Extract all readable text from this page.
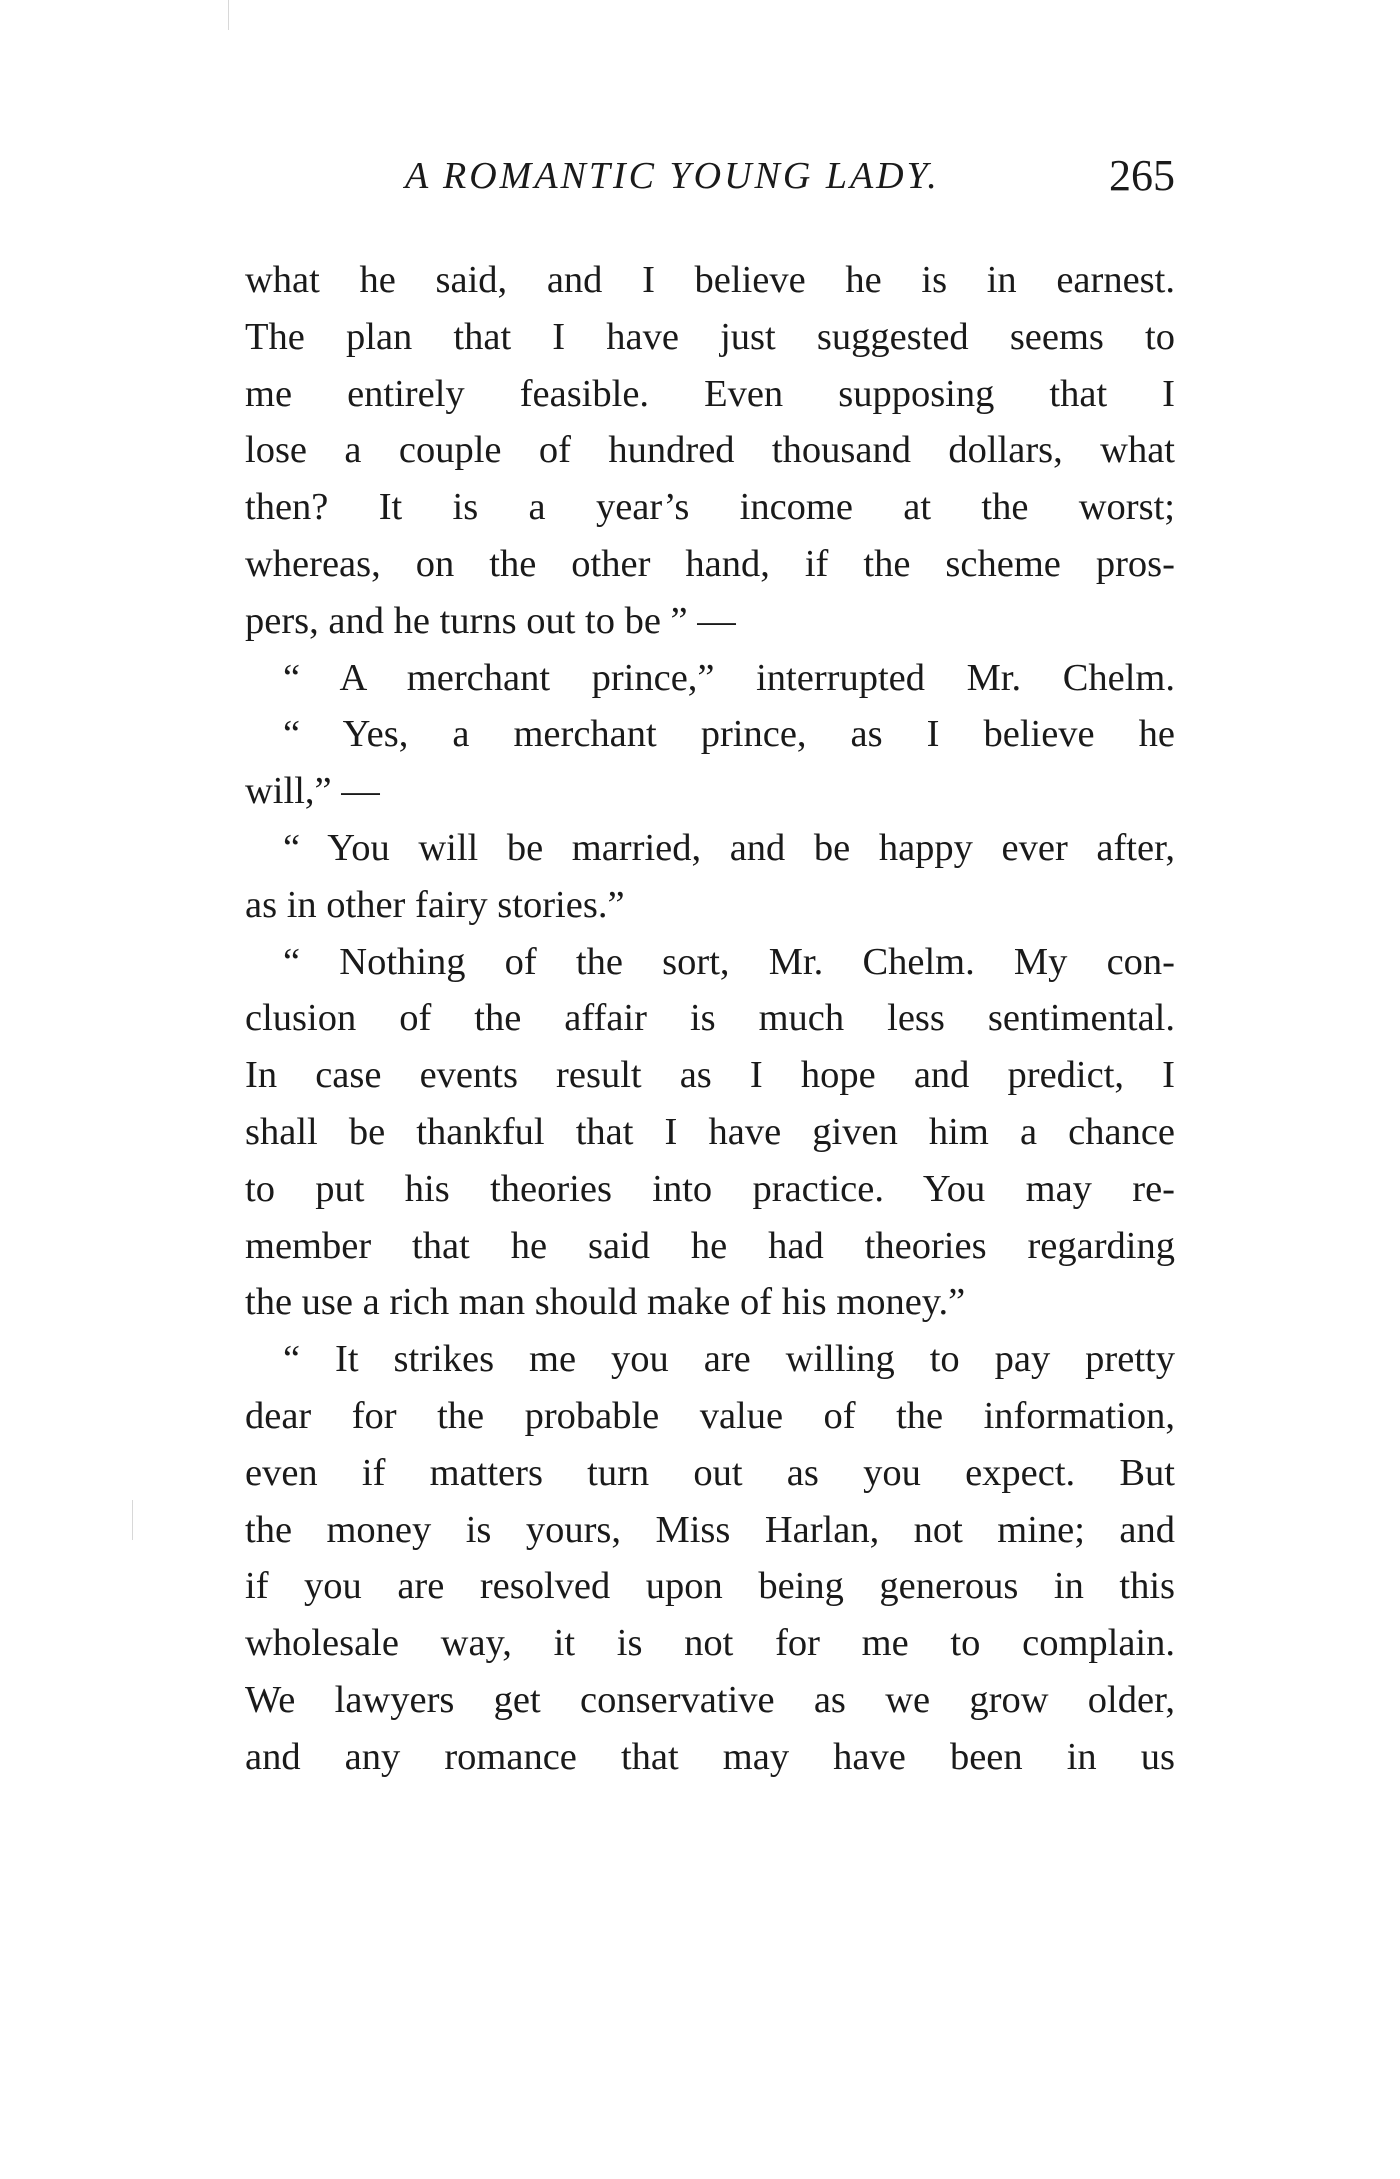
A ROMANTIC YOUNG LADY.	265
what he said, and I believe he is in earnest.
The plan that I have just suggested seems to
me entirely feasible. Even supposing that I
lose a couple of hundred thousand dollars, what
then? It is a year’s income at the worst;
whereas, on the other hand, if the scheme pros-
pers, and he turns out to be ” —
“ A merchant prince,” interrupted Mr. Chelm.
“ Yes, a merchant prince, as I believe he
will,” —
“ You will be married, and be happy ever after,
as in other fairy stories.”
“ Nothing of the sort, Mr. Chelm. My con-
clusion of the affair is much less sentimental.
In case events result as I hope and predict, I
shall be thankful that I have given him a chance
to put his theories into practice. You may re-
member that he said he had theories regarding
the use a rich man should make of his money.”
“ It strikes me you are willing to pay pretty
dear for the probable value of the information,
even if matters turn out as you expect. But
the money is yours, Miss Harlan, not mine; and
if you are resolved upon being generous in this
wholesale way, it is not for me to complain.
We lawyers get conservative as we grow older,
and any romance that may have been in us
